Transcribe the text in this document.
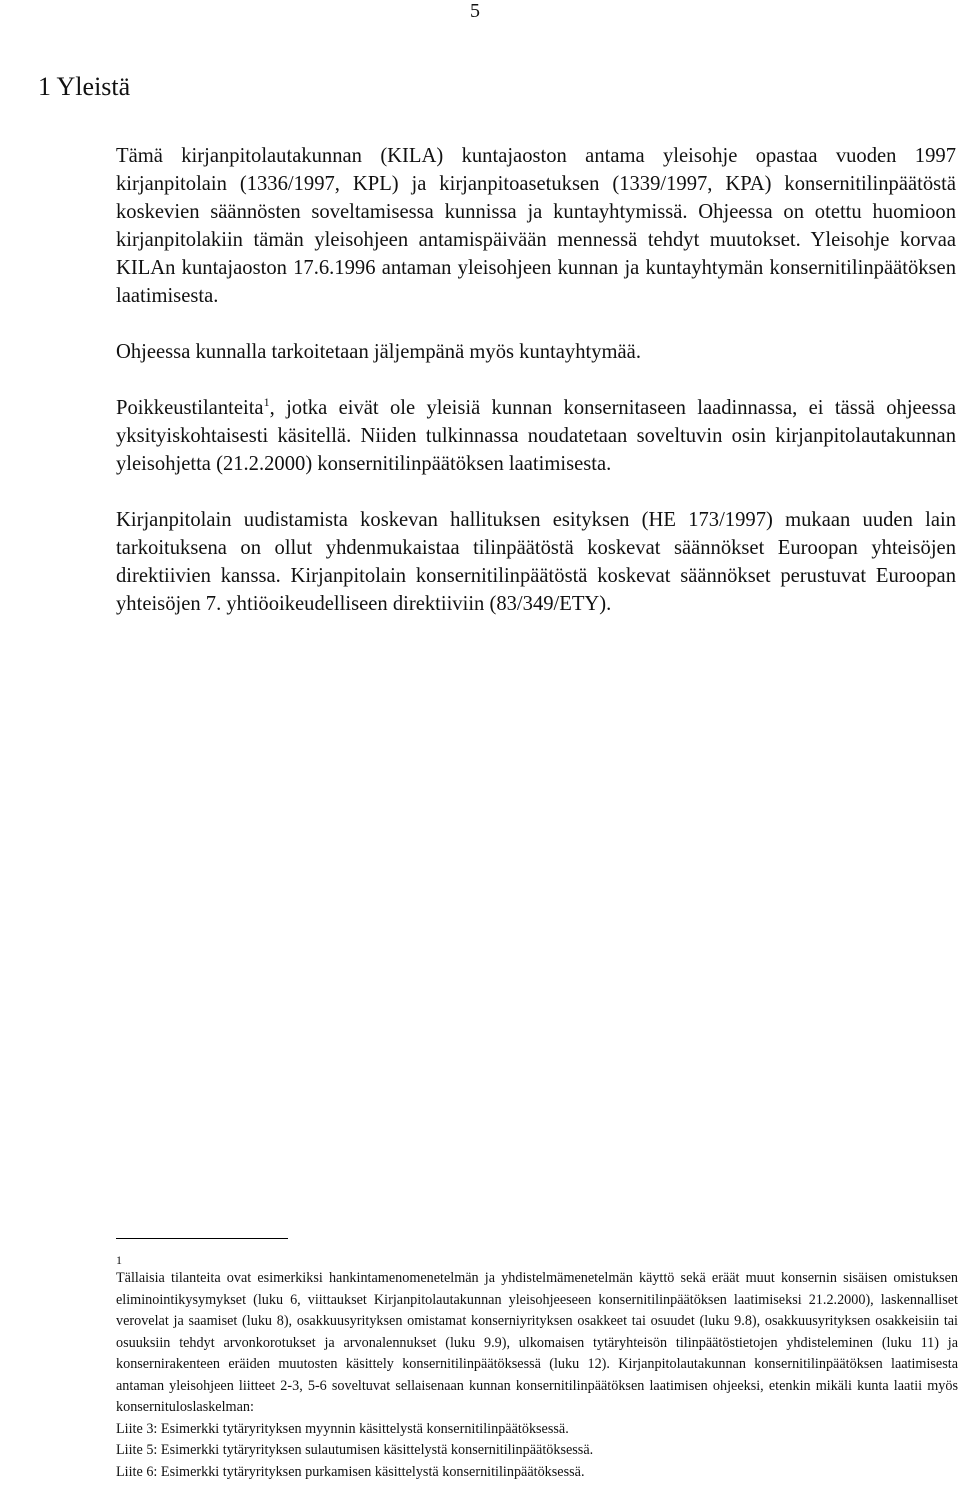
5
1 Yleistä

Tämä kirjanpitolautakunnan (KILA) kuntajaoston antama yleisohje opastaa vuoden 1997 kirjanpitolain (1336/1997, KPL) ja kirjanpitoasetuksen (1339/1997, KPA) konsernitilinpäätöstä koskevien säännösten soveltamisessa kunnissa ja kuntayhtymissä. Ohjeessa on otettu huomioon kirjanpitolakiin tämän yleisohjeen antamispäivään mennessä tehdyt muutokset. Yleisohje korvaa KILAn kuntajaoston 17.6.1996 antaman yleisohjeen kunnan ja kuntayhtymän konsernitilinpäätöksen laatimisesta.

Ohjeessa kunnalla tarkoitetaan jäljempänä myös kuntayhtymää.

Poikkeustilanteita$^1$, jotka eivät ole yleisiä kunnan konsernitaseen laadinnassa, ei tässä ohjeessa yksityiskohtaisesti käsitellä. Niiden tulkinnassa noudatetaan soveltuvin osin kirjanpitolautakunnan yleisohjetta (21.2.2000) konsernitilinpäätöksen laatimisesta.

Kirjanpitolain uudistamista koskevan hallituksen esityksen (HE 173/1997) mukaan uuden lain tarkoituksena on ollut yhdenmukaistaa tilinpäätöstä koskevat säännökset Euroopan yhteisöjen direktiivien kanssa. Kirjanpitolain konsernitilinpäätöstä koskevat säännökset perustuvat Euroopan yhteisöjen 7. yhtiöoikeudelliseen direktiiviin (83/349/ETY).

1
Tällaisia tilanteita ovat esimerkiksi hankintamenomenetelmän ja yhdistelmämenetelmän käyttö sekä eräät muut konsernin sisäisen omistuksen eliminointikysymykset (luku 6, viittaukset Kirjanpitolautakunnan yleisohjeeseen konsernitilinpäätöksen laatimiseksi 21.2.2000), laskennalliset verovelat ja saamiset (luku 8), osakkuusyrityksen omistamat konserniyrityksen osakkeet tai osuudet (luku 9.8), osakkuusyrityksen osakkeisiin tai osuuksiin tehdyt arvonkorotukset ja arvonalennukset (luku 9.9), ulkomaisen tytäryhteisön tilinpäätöstietojen yhdisteleminen (luku 11) ja konsernirakenteen eräiden muutosten käsittely konsernitilinpäätöksessä (luku 12). Kirjanpitolautakunnan konsernitilinpäätöksen laatimisesta antaman yleisohjeen liitteet 2-3, 5-6 soveltuvat sellaisenaan kunnan konsernitilinpäätöksen laatimisen ohjeeksi, etenkin mikäli kunta laatii myös konsernituloslaskelman:
Liite 3: Esimerkki tytäryrityksen myynnin käsittelystä konsernitilinpäätöksessä.
Liite 5: Esimerkki tytäryrityksen sulautumisen käsittelystä konsernitilinpäätöksessä.
Liite 6: Esimerkki tytäryrityksen purkamisen käsittelystä konsernitilinpäätöksessä.
